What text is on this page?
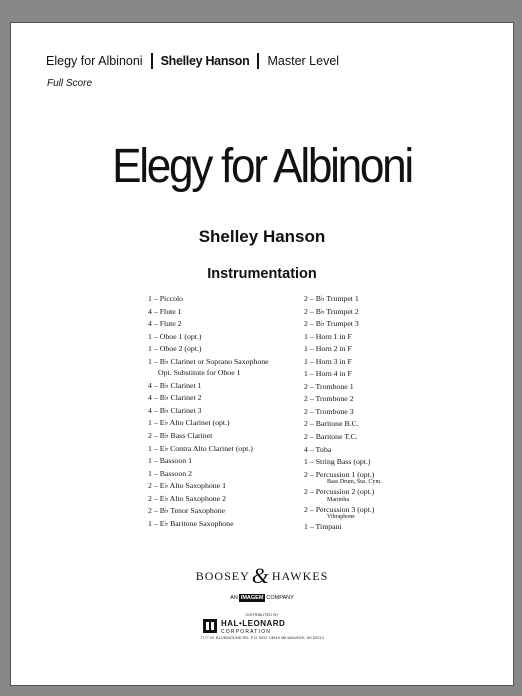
Elegy for Albinoni Shelley Hanson Master Level
Full Score
Elegy for Albinoni
Shelley Hanson
Instrumentation
1 – Piccolo
4 – Flute 1
4 – Flute 2
1 – Oboe 1 (opt.)
1 – Oboe 2 (opt.)
1 – B♭ Clarinet or Soprano Saxophone
Opt. Substitute for Oboe 1
4 – B♭ Clarinet 1
4 – B♭ Clarinet 2
4 – B♭ Clarinet 3
1 – E♭ Alto Clarinet (opt.)
2 – B♭ Bass Clarinet
1 – E♭ Contra Alto Clarinet (opt.)
1 – Bassoon 1
1 – Bassoon 2
2 – E♭ Alto Saxophone 1
2 – E♭ Alto Saxophone 2
2 – B♭ Tenor Saxophone
1 – E♭ Baritone Saxophone
2 – B♭ Trumpet 1
2 – B♭ Trumpet 2
2 – B♭ Trumpet 3
1 – Horn 1 in F
1 – Horn 2 in F
1 – Horn 3 in F
1 – Horn 4 in F
2 – Trombone 1
2 – Trombone 2
2 – Trombone 3
2 – Baritone B.C.
2 – Baritone T.C.
4 – Tuba
1 – String Bass (opt.)
2 – Percussion 1 (opt.)
Bass Drum, Sus. Cym.
2 – Percussion 2 (opt.)
Marimba
2 – Percussion 3 (opt.)
Vibraphone
1 – Timpani
BOOSEY& HAWKES
AN IMAGEM COMPANY
DISTRIBUTED BY
HAL•LEONARD
CORPORATION
7777 W. BLUEMOUND RD. P.O. BOX 13819 MILWAUKEE, WI 53213
